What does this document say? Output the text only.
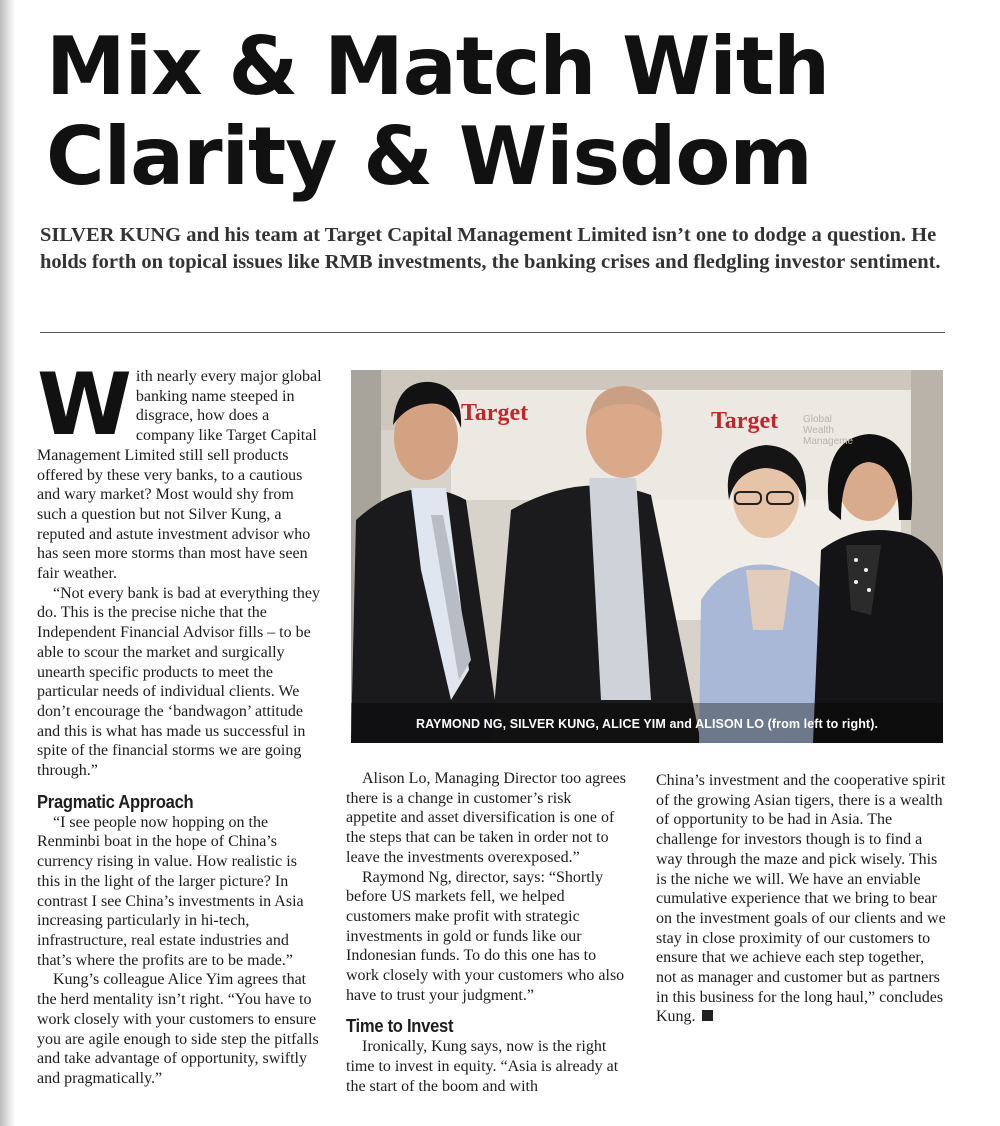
Mix & Match With
Clarity & Wisdom

SILVER KUNG and his team at Target Capital Management Limited isn’t one to dodge a question. He holds forth on topical issues like RMB investments, the banking crises and fledgling investor sentiment.

With nearly every major global banking name steeped in disgrace, how does a company like Target Capital Management Limited still sell products offered by these very banks, to a cautious and wary market? Most would shy from such a question but not Silver Kung, a reputed and astute investment advisor who has seen more storms than most have seen fair weather.

“Not every bank is bad at everything they do. This is the precise niche that the Independent Financial Advisor fills – to be able to scour the market and surgically unearth specific products to meet the particular needs of individual clients. We don’t encourage the ‘bandwagon’ attitude and this is what has made us successful in spite of the financial storms we are going through.”

Pragmatic Approach

“I see people now hopping on the Renminbi boat in the hope of China’s currency rising in value. How realistic is this in the light of the larger picture? In contrast I see China’s investments in Asia increasing particularly in hi-tech, infrastructure, real estate industries and that’s where the profits are to be made.”

Kung’s colleague Alice Yim agrees that the herd mentality isn’t right. “You have to work closely with your customers to ensure you are agile enough to side step the pitfalls and take advantage of opportunity, swiftly and pragmatically.”

Target	Target Global
Wealth
Manageme
RAYMOND NG, SILVER KUNG, ALICE YIM and ALISON LO (from left to right).

Alison Lo, Managing Director too agrees there is a change in customer’s risk appetite and asset diversification is one of the steps that can be taken in order not to leave the investments overexposed.”

Raymond Ng, director, says: “Shortly before US markets fell, we helped customers make profit with strategic investments in gold or funds like our Indonesian funds. To do this one has to work closely with your customers who also have to trust your judgment.”

Time to Invest

Ironically, Kung says, now is the right time to invest in equity. “Asia is already at the start of the boom and with

China’s investment and the cooperative spirit of the growing Asian tigers, there is a wealth of opportunity to be had in Asia. The challenge for investors though is to find a way through the maze and pick wisely. This is the niche we will. We have an enviable cumulative experience that we bring to bear on the investment goals of our clients and we stay in close proximity of our customers to ensure that we achieve each step together, not as manager and customer but as partners in this business for the long haul,” concludes Kung.
